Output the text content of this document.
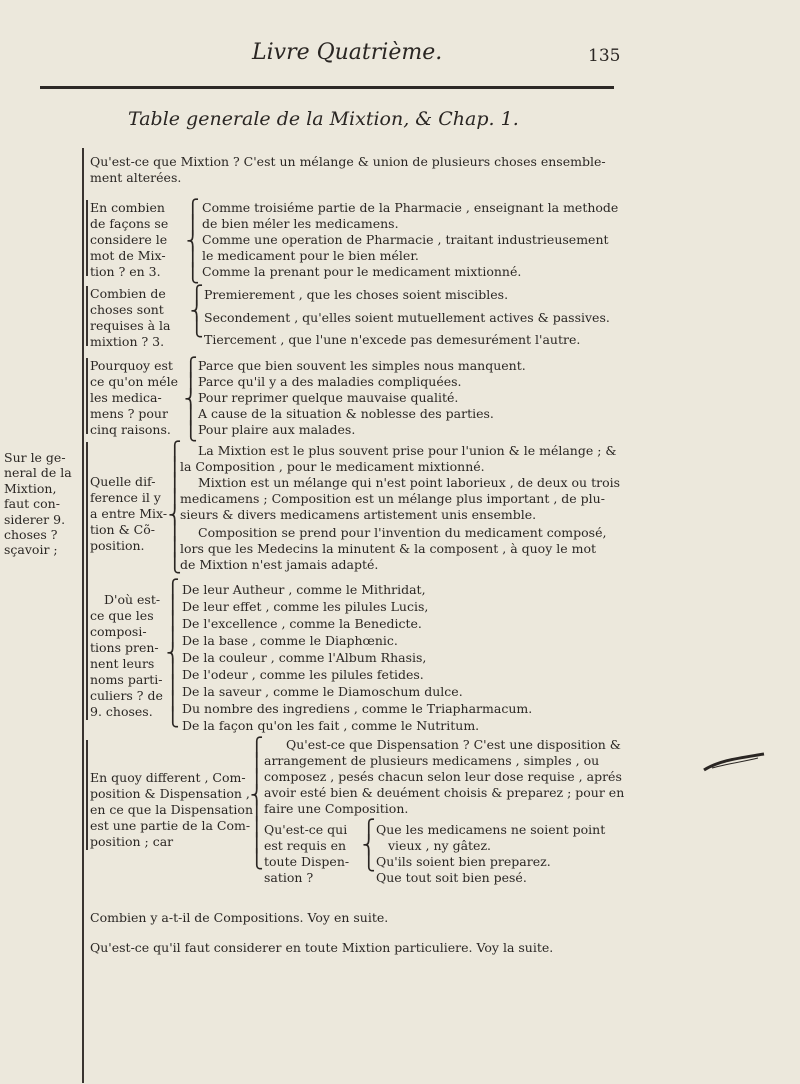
Livre Quatrième.	135
Table generale de la Mixtion, & Chap. 1.
Sur le ge-
neral de la
Mixtion,
faut con-
siderer 9.
choses ?
sçavoir ;
Qu'est-ce que Mixtion ? C'est un mélange & union de plusieurs choses ensemble-
ment alterées.
En combien
de façons se
considere le
mot de Mix-
tion ? en 3.
⎧
⎪
⎨
⎪
⎩
Comme troisiéme partie de la Pharmacie , enseignant la methode
de bien méler les medicamens.
Comme une operation de Pharmacie , traitant industrieusement
le medicament pour le bien méler.
Comme la prenant pour le medicament mixtionné.
Combien de
choses sont
requises à la
mixtion ? 3.
⎧
⎨
⎩
Premierement , que les choses soient miscibles.
Secondement , qu'elles soient mutuellement actives & passives.
Tiercement , que l'une n'excede pas demesurément l'autre.
Pourquoy est
ce qu'on méle
les medica-
mens ? pour
cinq raisons.
⎧
⎪
⎨
⎪
⎩
Parce que bien souvent les simples nous manquent.
Parce qu'il y a des maladies compliquées.
Pour reprimer quelque mauvaise qualité.
A cause de la situation & noblesse des parties.
Pour plaire aux malades.
Quelle dif-
ference il y
a entre Mix-
tion & Cõ-
position.
⎧
⎪
⎪
⎪
⎨
⎪
⎪
⎩
La Mixtion est le plus souvent prise pour l'union & le mélange ; &
la Composition , pour le medicament mixtionné.
Mixtion est un mélange qui n'est point laborieux , de deux ou trois
medicamens ; Composition est un mélange plus important , de plu-
sieurs & divers medicamens artistement unis ensemble.
Composition se prend pour l'invention du medicament composé,
lors que les Medecins la minutent & la composent , à quoy le mot
de Mixtion n'est jamais adapté.
D'où est-
ce que les
composi-
tions pren-
nent leurs
noms parti-
culiers ? de
9. choses.
⎧
⎪
⎪
⎪
⎨
⎪
⎪
⎪
⎩
De leur Autheur , comme le Mithridat,
De leur effet , comme les pilules Lucis,
De l'excellence , comme la Benedicte.
De la base , comme le Diaphœnic.
De la couleur , comme l'Album Rhasis,
De l'odeur , comme les pilules fetides.
De la saveur , comme le Diamoschum dulce.
Du nombre des ingrediens , comme le Triapharmacum.
De la façon qu'on les fait , comme le Nutritum.
En quoy different , Com-
position & Dispensation ,
en ce que la Dispensation
est une partie de la Com-
position ; car
⎧
⎪
⎪
⎨
⎪
⎪
⎪
⎩
Qu'est-ce que Dispensation ? C'est une disposition &
arrangement de plusieurs medicamens , simples , ou
composez , pesés chacun selon leur dose requise , aprés
avoir esté bien & deuément choisis & preparez ; pour en
faire une Composition.
Qu'est-ce qui
est requis en
toute Dispen-
sation ?
⎧
⎨
⎩
Que les medicamens ne soient point
vieux , ny gâtez.
Qu'ils soient bien preparez.
Que tout soit bien pesé.
Combien y a-t-il de Compositions. Voy en suite.
Qu'est-ce qu'il faut considerer en toute Mixtion particuliere. Voy la suite.
